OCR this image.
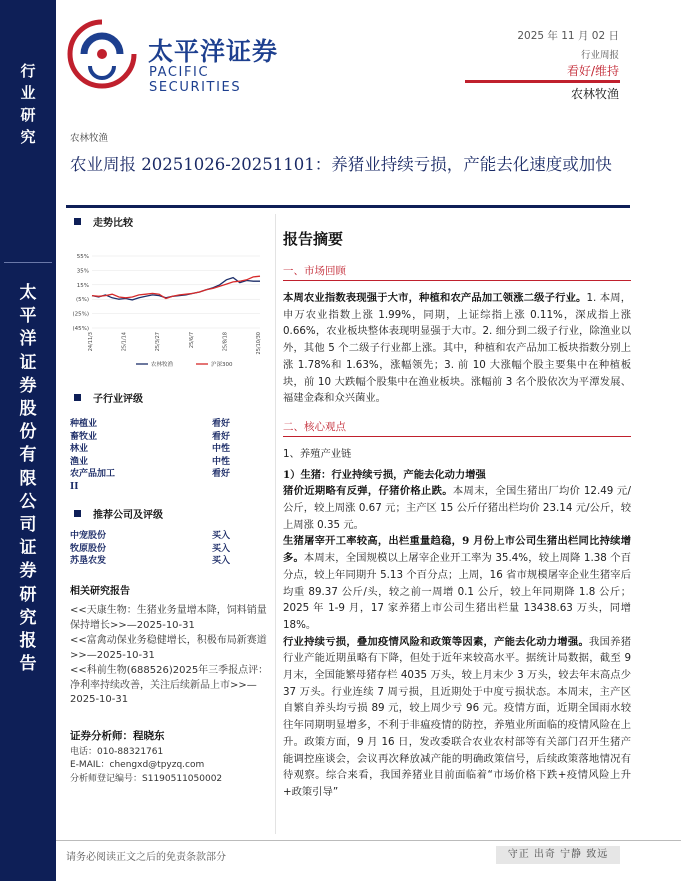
行
业
研
究
太
平
洋
证
券
股
份
有
限
公
司
证
券
研
究
报
告
太平洋证券
PACIFIC SECURITIES
2025 年 11 月 02 日
行业周报
看好/维持
农林牧渔
农林牧渔
农业周报 20251026-20251101：养猪业持续亏损，产能去化速度或加快
走势比较
55%
35%
15%
(5%)
(25%)
(45%)
24/11/3	25/1/14	25/3/27	25/6/7	25/8/18	25/10/30
农林牧渔	沪深300
子行业评级
种植业	看好
畜牧业	看好
林业	中性
渔业	中性
农产品加工	看好
II
推荐公司及评级
中宠股份	买入
牧原股份	买入
苏垦农发	买入
相关研究报告

<<天康生物：生猪业务量增本降，饲料销量保持增长>>—2025-10-31

<<富禽动保业务稳健增长，积极布局新赛道>>—2025-10-31

<<科前生物(688526)2025年三季报点评：净利率持续改善，关注后续新品上市>>—2025-10-31

证券分析师：程晓东
电话：010-88321761
E-MAIL：chengxd@tpyzq.com
分析师登记编号：S1190511050002
报告摘要
一、市场回顾
本周农业指数表现强于大市，种植和农产品加工领涨二级子行业。1. 本周，申万农业指数上涨 1.99%，同期，上证综指上涨 0.11%，深成指上涨 0.66%，农业板块整体表现明显强于大市。2. 细分到二级子行业，除渔业以外，其他 5 个二级子行业都上涨。其中，种植和农产品加工板块指数分别上涨 1.78%和 1.63%，涨幅领先；3. 前 10 大涨幅个股主要集中在种植板块，前 10 大跌幅个股集中在渔业板块。涨幅前 3 名个股依次为平潭发展、福建金森和众兴菌业。
二、核心观点
1、养殖产业链
1）生猪：行业持续亏损，产能去化动力增强
猪价近期略有反弹，仔猪价格止跌。本周末，全国生猪出厂均价 12.49 元/公斤，较上周涨 0.67 元；主产区 15 公斤仔猪出栏均价 23.14 元/公斤，较上周涨 0.35 元。
生猪屠宰开工率较高，出栏重量趋稳，9 月份上市公司生猪出栏同比持续增多。本周末，全国规模以上屠宰企业开工率为 35.4%，较上周降 1.38 个百分点，较上年同期升 5.13 个百分点；上周，16 省市规模屠宰企业生猪宰后均重 89.37 公斤/头，较之前一周增 0.1 公斤，较上年同期降 1.8 公斤；2025 年 1-9 月，17 家养猪上市公司生猪出栏量 13438.63 万头，同增 18%。
行业持续亏损，叠加疫情风险和政策等因素，产能去化动力增强。我国养猪行业产能近期虽略有下降，但处于近年来较高水平。据统计局数据，截至 9 月末，全国能繁母猪存栏 4035 万头，较上月末少 3 万头，较去年末高点少 37 万头。行业连续 7 周亏损，且近期处于中度亏损状态。本周末，主产区自繁自养头均亏损 89 元，较上周少亏 96 元。疫情方面，近期全国雨水较往年同期明显增多，不利于非瘟疫情的防控，养殖业所面临的疫情风险在上升。政策方面，9 月 16 日，发改委联合农业农村部等有关部门召开生猪产能调控座谈会，会议再次释放减产能的明确政策信号，后续政策落地情况有待观察。综合来看，我国养猪业目前面临着“市场价格下跌+疫情风险上升+政策引导”
请务必阅读正文之后的免责条款部分	守正 出奇 宁静 致远
